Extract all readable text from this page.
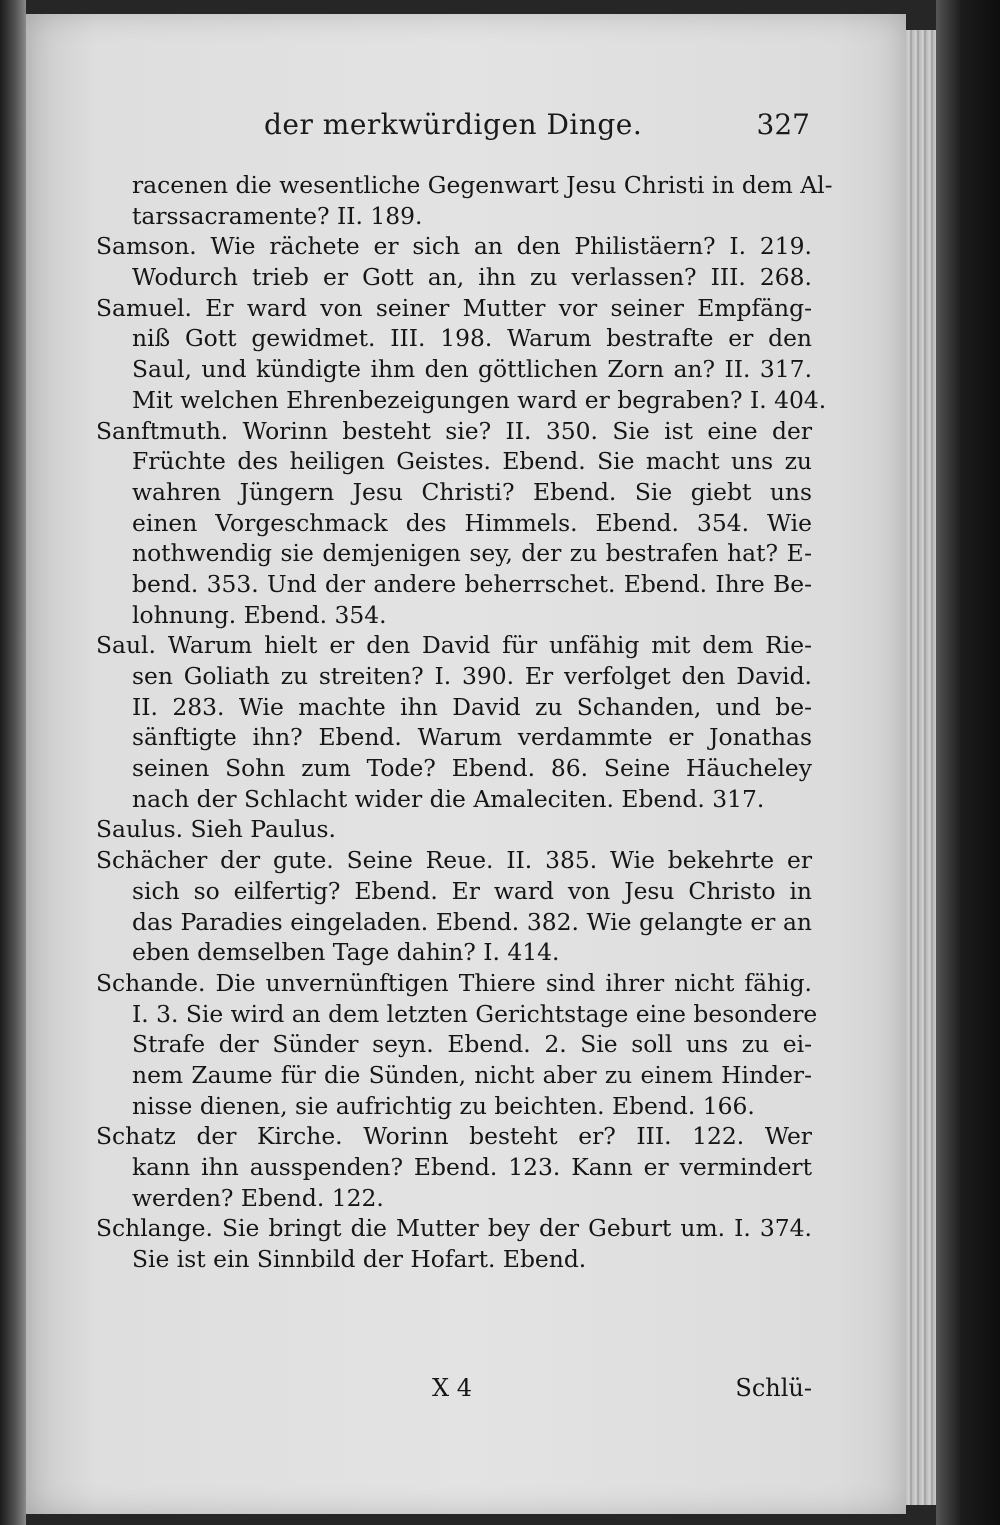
der merkwürdigen Dinge.	327
racenen die wesentliche Gegenwart Jesu Christi in dem Al-
tarssacramente? II. 189.
Samson. Wie rächete er sich an den Philistäern? I. 219.
Wodurch trieb er Gott an, ihn zu verlassen? III. 268.
Samuel. Er ward von seiner Mutter vor seiner Empfäng-
niß Gott gewidmet. III. 198. Warum bestrafte er den
Saul, und kündigte ihm den göttlichen Zorn an? II. 317.
Mit welchen Ehrenbezeigungen ward er begraben? I. 404.
Sanftmuth. Worinn besteht sie? II. 350. Sie ist eine der
Früchte des heiligen Geistes. Ebend. Sie macht uns zu
wahren Jüngern Jesu Christi? Ebend. Sie giebt uns
einen Vorgeschmack des Himmels. Ebend. 354. Wie
nothwendig sie demjenigen sey, der zu bestrafen hat? E-
bend. 353. Und der andere beherrschet. Ebend. Ihre Be-
lohnung. Ebend. 354.
Saul. Warum hielt er den David für unfähig mit dem Rie-
sen Goliath zu streiten? I. 390. Er verfolget den David.
II. 283. Wie machte ihn David zu Schanden, und be-
sänftigte ihn? Ebend. Warum verdammte er Jonathas
seinen Sohn zum Tode? Ebend. 86. Seine Häucheley
nach der Schlacht wider die Amaleciten. Ebend. 317.
Saulus. Sieh Paulus.
Schächer der gute. Seine Reue. II. 385. Wie bekehrte er
sich so eilfertig? Ebend. Er ward von Jesu Christo in
das Paradies eingeladen. Ebend. 382. Wie gelangte er an
eben demselben Tage dahin? I. 414.
Schande. Die unvernünftigen Thiere sind ihrer nicht fähig.
I. 3. Sie wird an dem letzten Gerichtstage eine besondere
Strafe der Sünder seyn. Ebend. 2. Sie soll uns zu ei-
nem Zaume für die Sünden, nicht aber zu einem Hinder-
nisse dienen, sie aufrichtig zu beichten. Ebend. 166.
Schatz der Kirche. Worinn besteht er? III. 122. Wer
kann ihn ausspenden? Ebend. 123. Kann er vermindert
werden? Ebend. 122.
Schlange. Sie bringt die Mutter bey der Geburt um. I. 374.
Sie ist ein Sinnbild der Hofart. Ebend.
X 4	Schlü-
